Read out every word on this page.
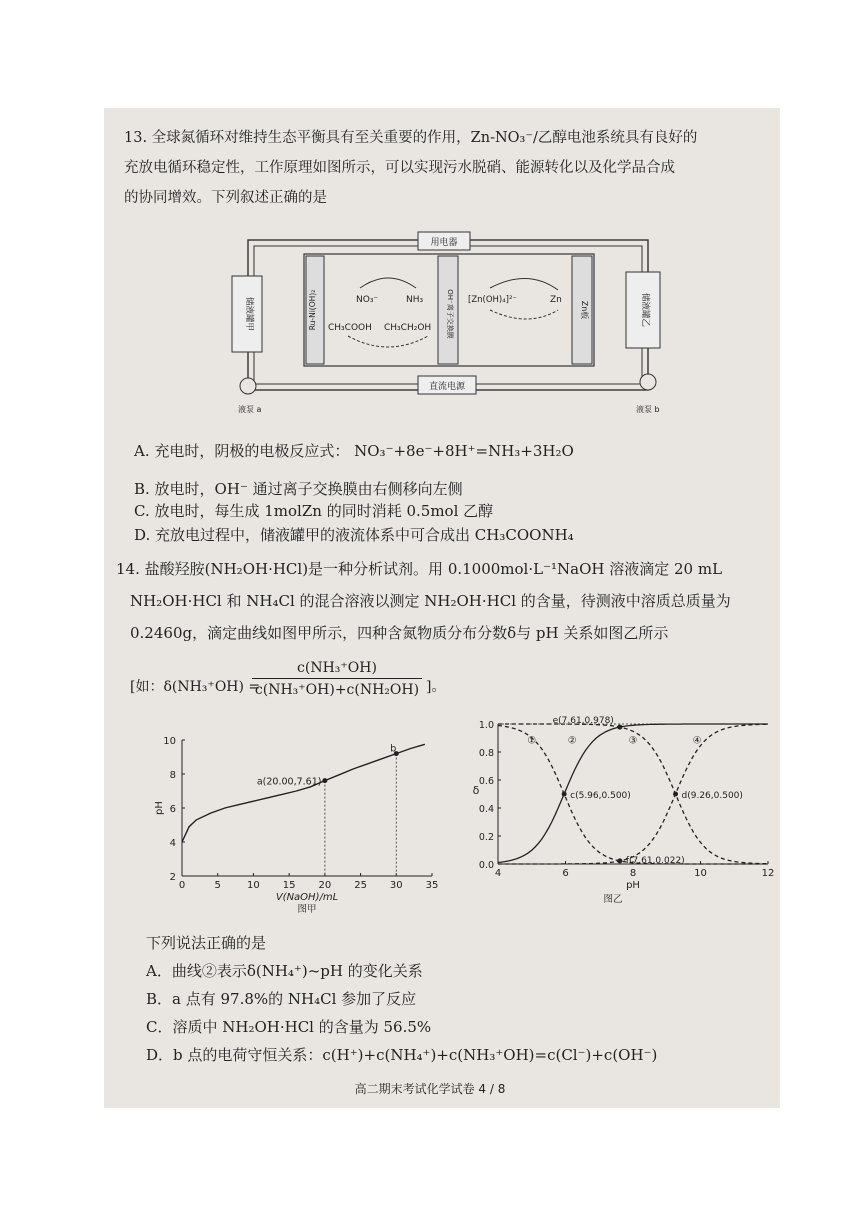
13. 全球氮循环对维持生态平衡具有至关重要的作用，Zn-NO₃⁻/乙醇电池系统具有良好的
充放电循环稳定性，工作原理如图所示，可以实现污水脱硝、能源转化以及化学品合成
的协同增效。下列叙述正确的是
用电器
直流电源
Ru-Ni(OH)₂	OH⁻离子交换膜	Zn板
NO₃⁻	NH₃
CH₃COOH CH₃CH₂OH
[Zn(OH)₄]²⁻	Zn
储液罐甲	储液罐乙
液泵 a	液泵 b
A. 充电时，阴极的电极反应式： NO₃⁻+8e⁻+8H⁺=NH₃+3H₂O
B. 放电时，OH⁻ 通过离子交换膜由右侧移向左侧
C. 放电时，每生成 1molZn 的同时消耗 0.5mol 乙醇
D. 充放电过程中，储液罐甲的液流体系中可合成出 CH₃COONH₄
14. 盐酸羟胺(NH₂OH·HCl)是一种分析试剂。用 0.1000mol·L⁻¹NaOH 溶液滴定 20 mL
NH₂OH·HCl 和 NH₄Cl 的混合溶液以测定 NH₂OH·HCl 的含量，待测液中溶质总质量为
0.2460g，滴定曲线如图甲所示，四种含氮物质分布分数δ与 pH 关系如图乙所示
[如：δ(NH₃⁺OH) =
c(NH₃⁺OH)
c(NH₃⁺OH)+c(NH₂OH) ]。
0	5	10 15 20 25 30 35
2
4
6
8
10
a(20.00,7.61)
b
V(NaOH)/mL
pH
图甲
4	6	8	10	12
0.0
0.2
0.4
0.6
0.8
1.0
①	②	③	④
e(7.61,0.978)
c(5.96,0.500)	d(9.26,0.500)
f(7.61,0.022)
pH
δ
图乙
下列说法正确的是
A．曲线②表示δ(NH₄⁺)~pH 的变化关系
B．a 点有 97.8%的 NH₄Cl 参加了反应
C．溶质中 NH₂OH·HCl 的含量为 56.5%
D．b 点的电荷守恒关系：c(H⁺)+c(NH₄⁺)+c(NH₃⁺OH)=c(Cl⁻)+c(OH⁻)
高二期末考试化学试卷 4 / 8
